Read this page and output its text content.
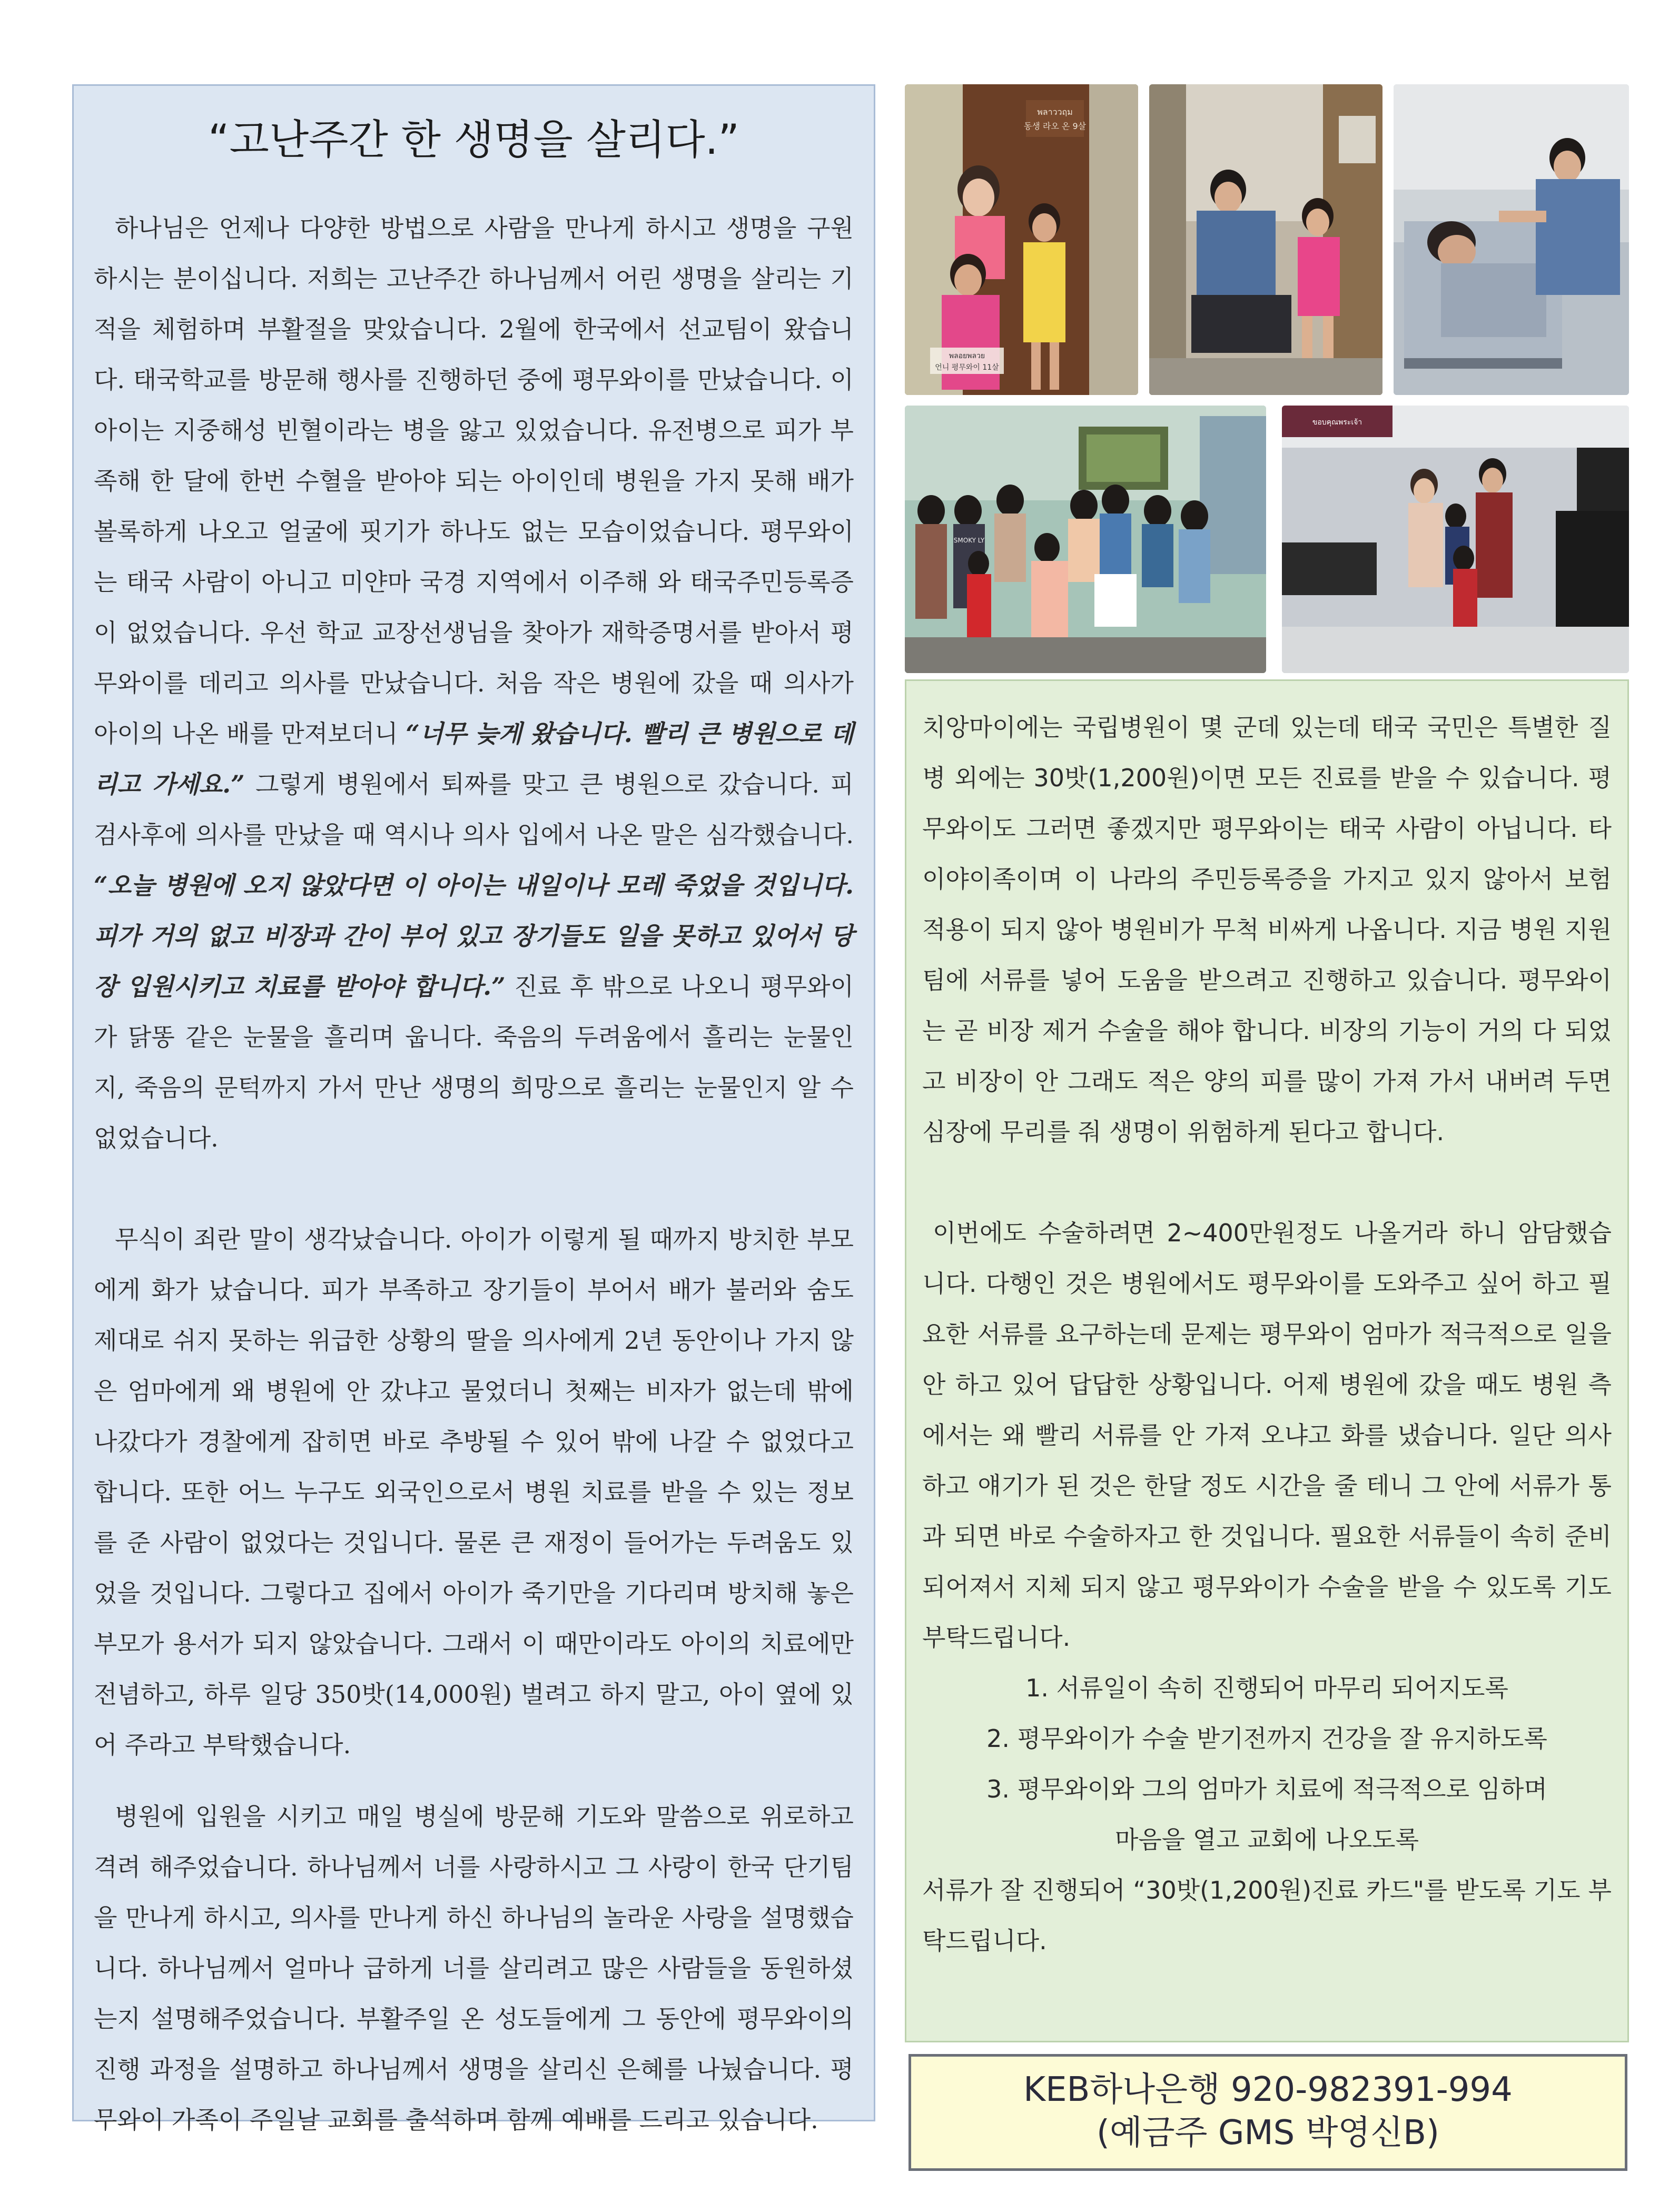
“고난주간 한 생명을 살리다.”

하나님은 언제나 다양한 방법으로 사람을 만나게 하시고 생명을 구원하시는 분이십니다. 저희는 고난주간 하나님께서 어린 생명을 살리는 기적을 체험하며 부활절을 맞았습니다. 2월에 한국에서 선교팀이 왔습니다. 태국학교를 방문해 행사를 진행하던 중에 평무와이를 만났습니다. 이 아이는 지중해성 빈혈이라는 병을 앓고 있었습니다. 유전병으로 피가 부족해 한 달에 한번 수혈을 받아야 되는 아이인데 병원을 가지 못해 배가 볼록하게 나오고 얼굴에 핏기가 하나도 없는 모습이었습니다. 평무와이는 태국 사람이 아니고 미얀마 국경 지역에서 이주해 와 태국주민등록증이 없었습니다. 우선 학교 교장선생님을 찾아가 재학증명서를 받아서 평무와이를 데리고 의사를 만났습니다. 처음 작은 병원에 갔을 때 의사가 아이의 나온 배를 만져보더니 “너무 늦게 왔습니다. 빨리 큰 병원으로 데리고 가세요.” 그렇게 병원에서 퇴짜를 맞고 큰 병원으로 갔습니다. 피 검사후에 의사를 만났을 때 역시나 의사 입에서 나온 말은 심각했습니다. “오늘 병원에 오지 않았다면 이 아이는 내일이나 모레 죽었을 것입니다. 피가 거의 없고 비장과 간이 부어 있고 장기들도 일을 못하고 있어서 당장 입원시키고 치료를 받아야 합니다.” 진료 후 밖으로 나오니 평무와이가 닭똥 같은 눈물을 흘리며 웁니다. 죽음의 두려움에서 흘리는 눈물인지, 죽음의 문턱까지 가서 만난 생명의 희망으로 흘리는 눈물인지 알 수 없었습니다.

무식이 죄란 말이 생각났습니다. 아이가 이렇게 될 때까지 방치한 부모에게 화가 났습니다. 피가 부족하고 장기들이 부어서 배가 불러와 숨도 제대로 쉬지 못하는 위급한 상황의 딸을 의사에게 2년 동안이나 가지 않은 엄마에게 왜 병원에 안 갔냐고 물었더니 첫째는 비자가 없는데 밖에 나갔다가 경찰에게 잡히면 바로 추방될 수 있어 밖에 나갈 수 없었다고 합니다. 또한 어느 누구도 외국인으로서 병원 치료를 받을 수 있는 정보를 준 사람이 없었다는 것입니다. 물론 큰 재정이 들어가는 두려움도 있었을 것입니다. 그렇다고 집에서 아이가 죽기만을 기다리며 방치해 놓은 부모가 용서가 되지 않았습니다. 그래서 이 때만이라도 아이의 치료에만 전념하고, 하루 일당 350밧(14,000원) 벌려고 하지 말고, 아이 옆에 있어 주라고 부탁했습니다.

병원에 입원을 시키고 매일 병실에 방문해 기도와 말씀으로 위로하고 격려 해주었습니다. 하나님께서 너를 사랑하시고 그 사랑이 한국 단기팀을 만나게 하시고, 의사를 만나게 하신 하나님의 놀라운 사랑을 설명했습니다. 하나님께서 얼마나 급하게 너를 살리려고 많은 사람들을 동원하셨는지 설명해주었습니다. 부활주일 온 성도들에게 그 동안에 평무와이의 진행 과정을 설명하고 하나님께서 생명을 살리신 은혜를 나눴습니다. 평무와이 가족이 주일날 교회를 출석하며 함께 예배를 드리고 있습니다.

พลาววฤม
동생 라오 온 9살
พลอยพลวย
언니 평무와이 11살
SMOKY LY
ขอบคุณพระเจ้า

치앙마이에는 국립병원이 몇 군데 있는데 태국 국민은 특별한 질병 외에는 30밧(1,200원)이면 모든 진료를 받을 수 있습니다. 평무와이도 그러면 좋겠지만 평무와이는 태국 사람이 아닙니다. 타이야이족이며 이 나라의 주민등록증을 가지고 있지 않아서 보험 적용이 되지 않아 병원비가 무척 비싸게 나옵니다. 지금 병원 지원팀에 서류를 넣어 도움을 받으려고 진행하고 있습니다. 평무와이는 곧 비장 제거 수술을 해야 합니다. 비장의 기능이 거의 다 되었고 비장이 안 그래도 적은 양의 피를 많이 가져 가서 내버려 두면 심장에 무리를 줘 생명이 위험하게 된다고 합니다.

이번에도 수술하려면 2~400만원정도 나올거라 하니 암담했습니다. 다행인 것은 병원에서도 평무와이를 도와주고 싶어 하고 필요한 서류를 요구하는데 문제는 평무와이 엄마가 적극적으로 일을 안 하고 있어 답답한 상황입니다. 어제 병원에 갔을 때도 병원 측에서는 왜 빨리 서류를 안 가져 오냐고 화를 냈습니다. 일단 의사하고 얘기가 된 것은 한달 정도 시간을 줄 테니 그 안에 서류가 통과 되면 바로 수술하자고 한 것입니다. 필요한 서류들이 속히 준비 되어져서 지체 되지 않고 평무와이가 수술을 받을 수 있도록 기도 부탁드립니다.

1. 서류일이 속히 진행되어 마무리 되어지도록

2. 평무와이가 수술 받기전까지 건강을 잘 유지하도록

3. 평무와이와 그의 엄마가 치료에 적극적으로 임하며

마음을 열고 교회에 나오도록

서류가 잘 진행되어 “30밧(1,200원)진료 카드"를 받도록 기도 부탁드립니다.

KEB하나은행 920-982391-994
(예금주 GMS 박영신B)
